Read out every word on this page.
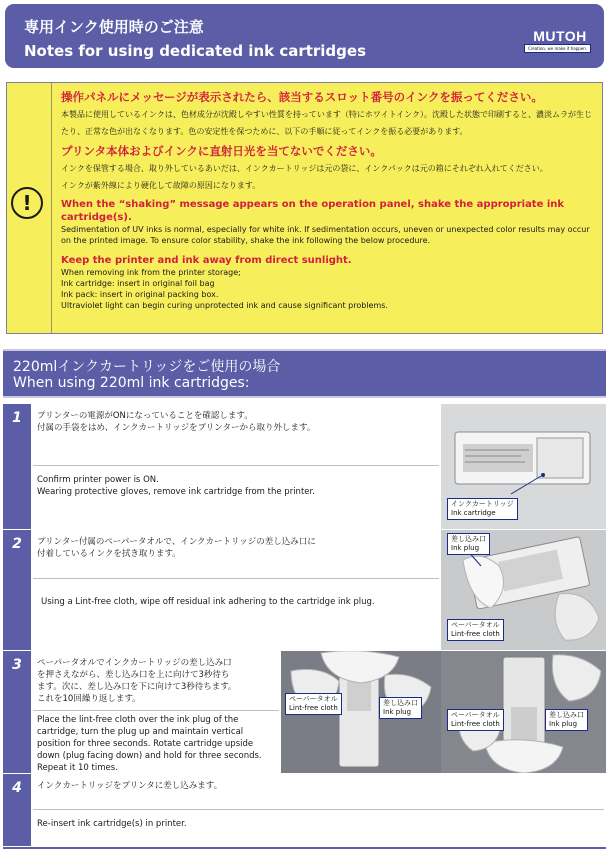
専用インク使用時のご注意
Notes for using dedicated ink cartridges
MUTOH
Creation, we make it happen.
!
操作パネルにメッセージが表示されたら、該当するスロット番号のインクを振ってください。
本製品に使用しているインクは、色材成分が沈殿しやすい性質を持っています（特にホワイトインク）。沈殿した状態で印刷すると、濃淡ムラが生じたり、正常な色が出なくなります。色の安定性を保つために、以下の手順に従ってインクを振る必要があります。
プリンタ本体およびインクに直射日光を当てないでください。
インクを保管する場合、取り外しているあいだは、インクカートリッジは元の袋に、インクパックは元の箱にそれぞれ入れてください。
インクが紫外線により硬化して故障の原因になります。
When the “shaking” message appears on the operation panel, shake the appropriate ink cartridge(s).
Sedimentation of UV inks is normal, especially for white ink. If sedimentation occurs, uneven or unexpected color results may occur on the printed image. To ensure color stability, shake the ink following the below procedure.
Keep the printer and ink away from direct sunlight.
When removing ink from the printer storage;
Ink cartridge: insert in original foil bag
Ink pack: insert in original packing box.
Ultraviolet light can begin curing unprotected ink and cause significant problems.
220mlインクカートリッジをご使用の場合
When using 220ml ink cartridges:
1	プリンターの電源がONになっていることを確認します。
付属の手袋をはめ、インクカートリッジをプリンターから取り外します。
Confirm printer power is ON.
Wearing protective gloves, remove ink cartridge from the printer.
インクカートリッジ
Ink cartridge
2	プリンター付属のペーパータオルで、インクカートリッジの差し込み口に
付着しているインクを拭き取ります。
Using a Lint-free cloth, wipe off residual ink adhering to the cartridge ink plug.
差し込み口
Ink plug
ペーパータオル
Lint-free cloth
3	ペーパータオルでインクカートリッジの差し込み口
を押さえながら、差し込み口を上に向けて3秒待ち
ます。次に、差し込み口を下に向けて3秒待ちます。
これを10回繰り返します。
Place the lint-free cloth over the ink plug of the
cartridge, turn the plug up and maintain vertical
position for three seconds. Rotate cartridge upside
down (plug facing down) and hold for three seconds.
Repeat it 10 times.
ペーパータオル
Lint-free cloth
差し込み口
Ink plug	ペーパータオル
Lint-free cloth
差し込み口
Ink plug
4	インクカートリッジをプリンタに差し込みます。
Re-insert ink cartridge(s) in printer.
